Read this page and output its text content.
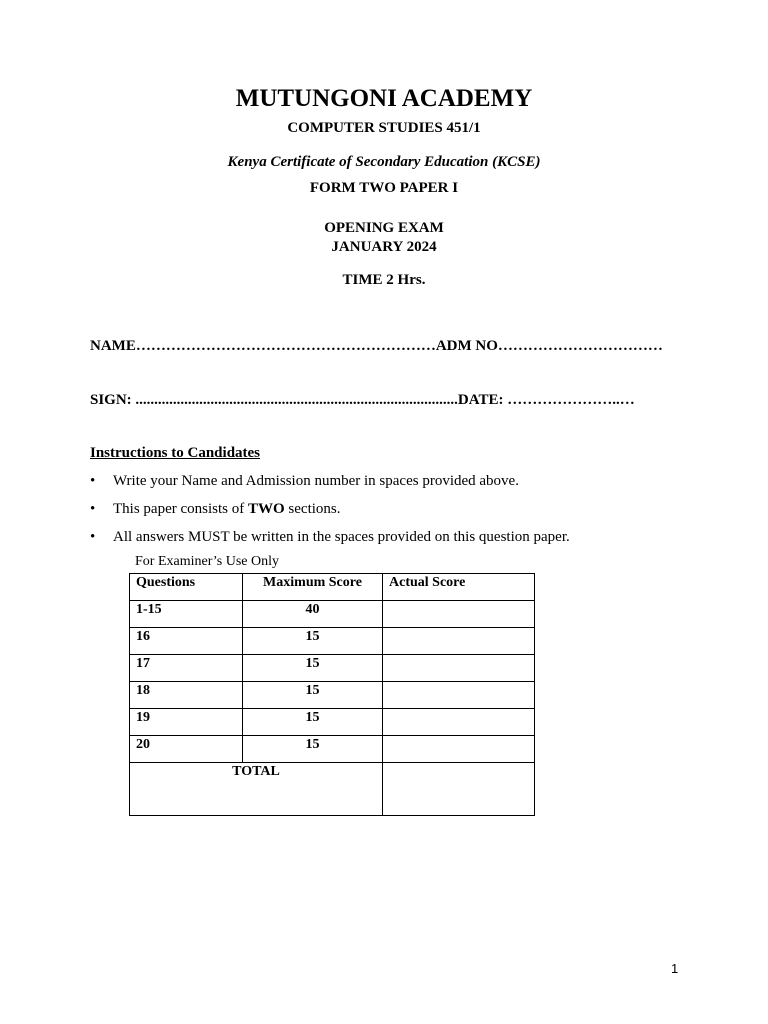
MUTUNGONI ACADEMY
COMPUTER STUDIES 451/1
Kenya Certificate of Secondary Education (KCSE)
FORM TWO PAPER I
OPENING EXAM
JANUARY 2024
TIME 2 Hrs.
NAME……………………………………………………ADM NO……………………………
SIGN: ......................................................................................DATE: …………………..…
Instructions to Candidates
• Write your Name and Admission number in spaces provided above.
• This paper consists of TWO sections.
• All answers MUST be written in the spaces provided on this question paper.
For Examiner’s Use Only
Questions	Maximum Score	Actual Score
1-15	40	
16	15	
17	15	
18	15	
19	15	
20	15	
TOTAL		
1
